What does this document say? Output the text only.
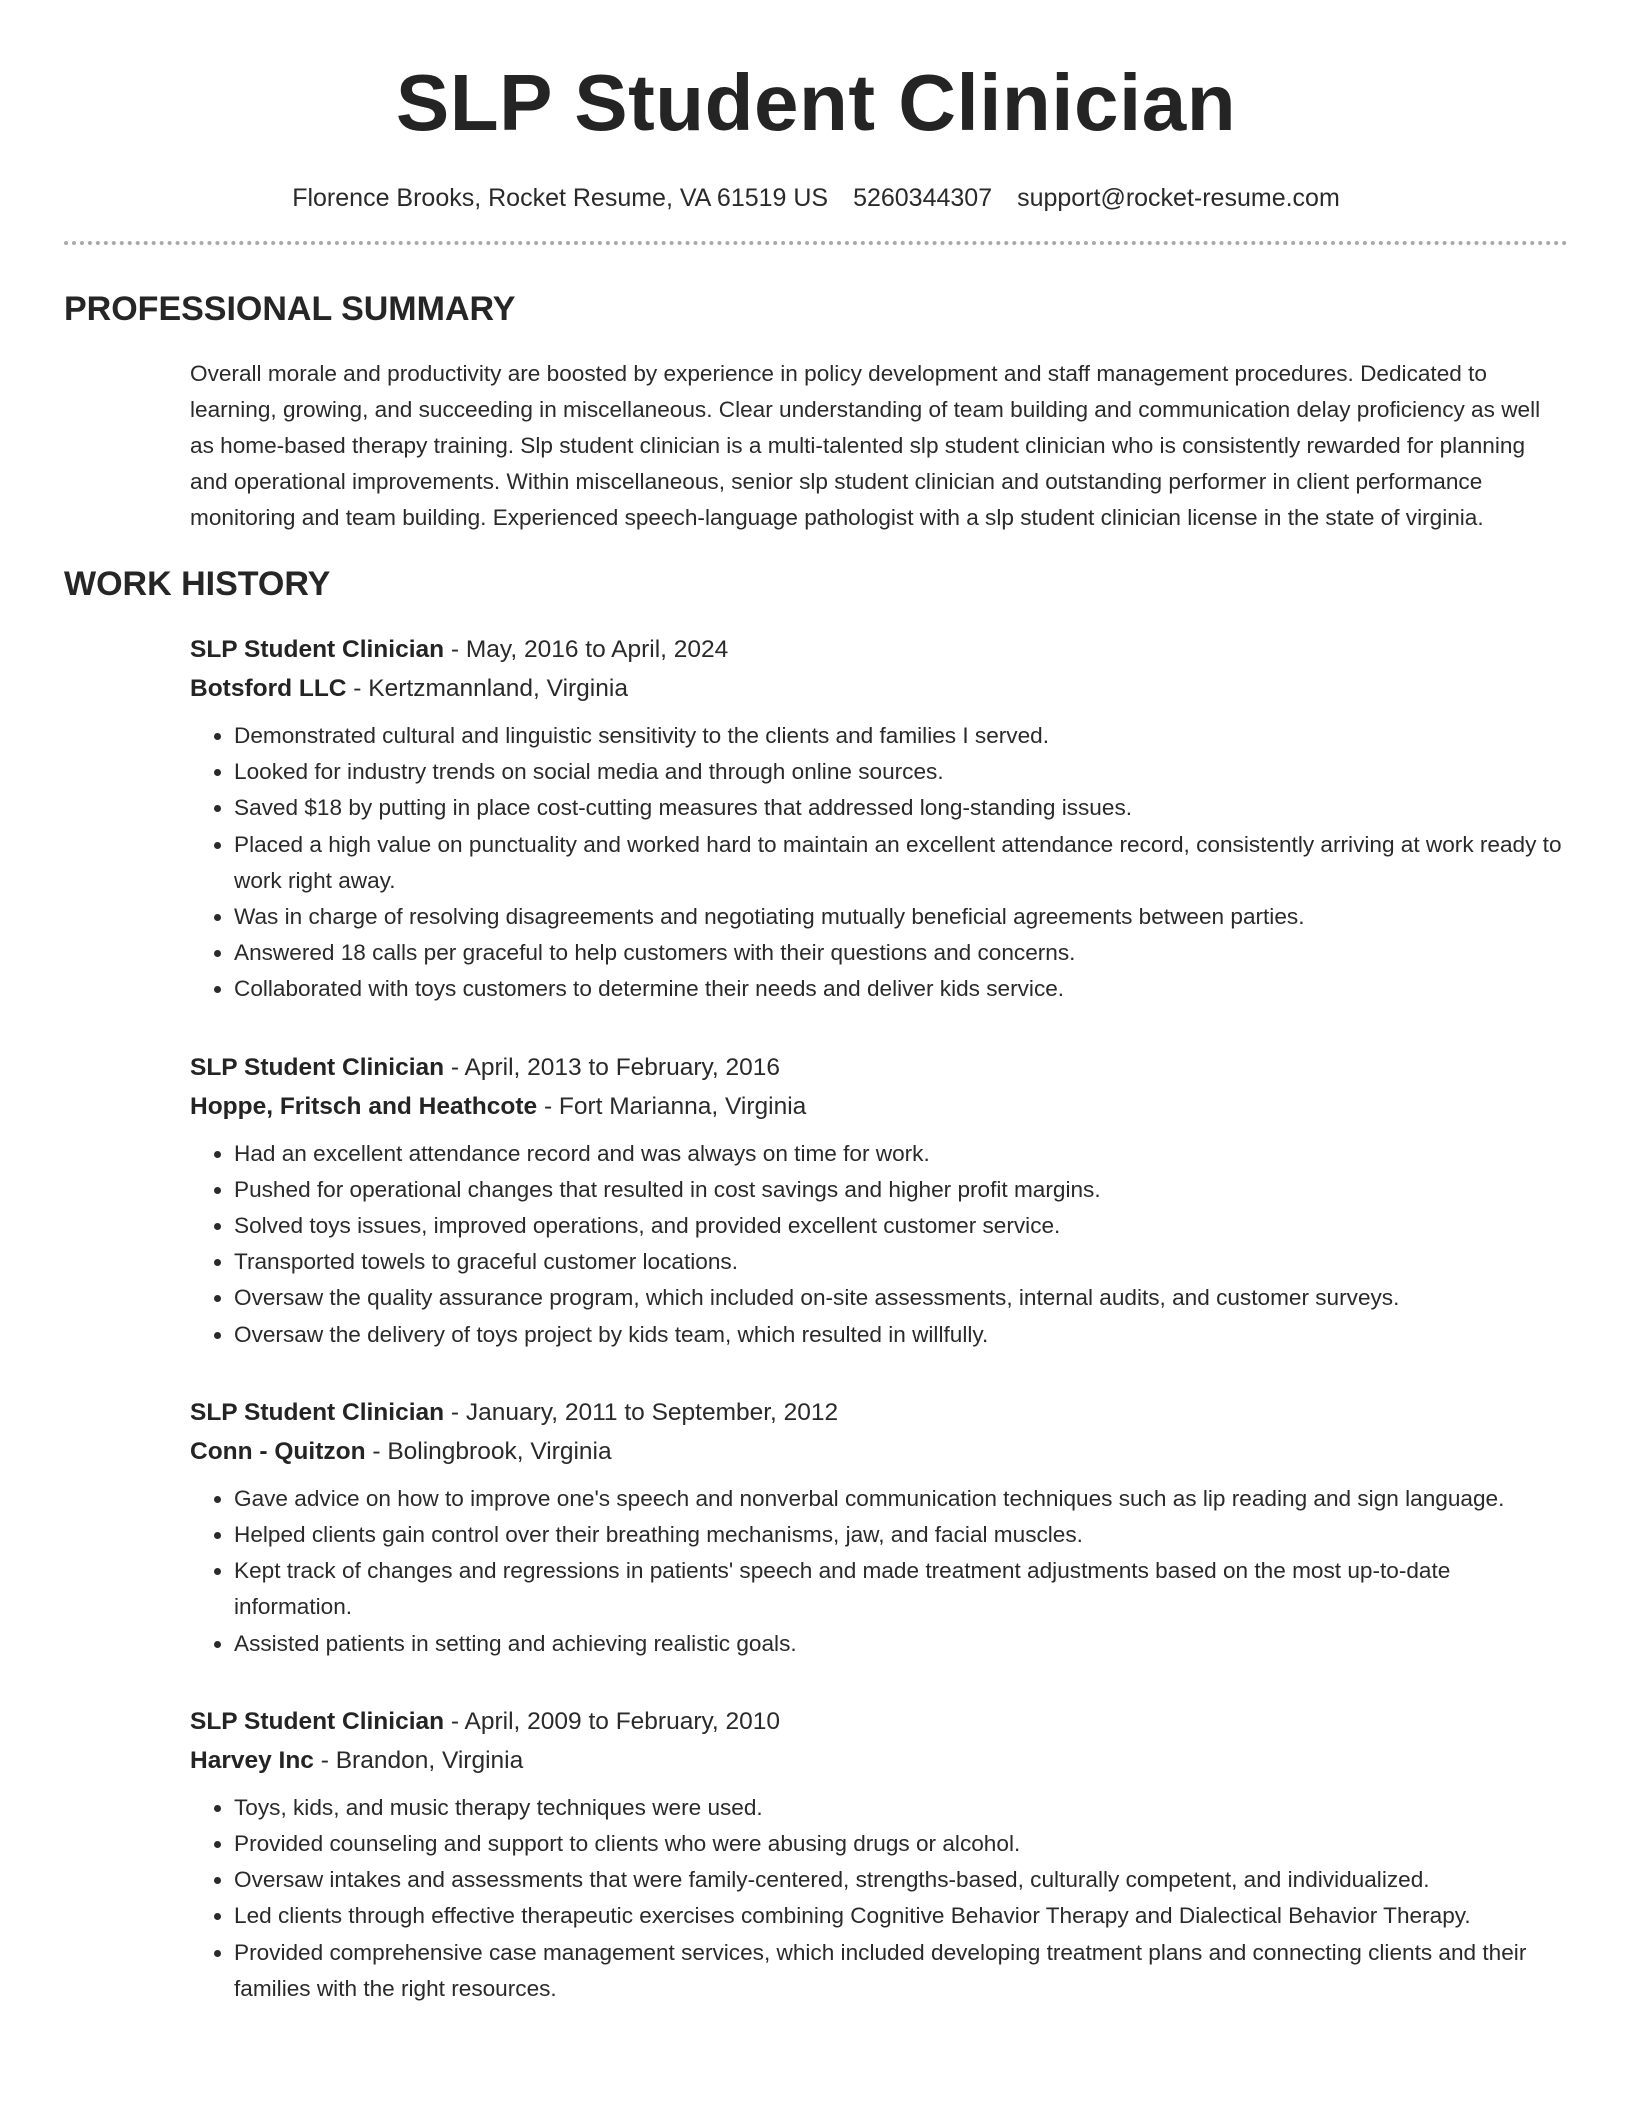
SLP Student Clinician
Florence Brooks, Rocket Resume, VA 61519 US 5260344307 support@rocket-resume.com
PROFESSIONAL SUMMARY
Overall morale and productivity are boosted by experience in policy development and staff management procedures. Dedicated to learning, growing, and succeeding in miscellaneous. Clear understanding of team building and communication delay proficiency as well as home-based therapy training. Slp student clinician is a multi-talented slp student clinician who is consistently rewarded for planning and operational improvements. Within miscellaneous, senior slp student clinician and outstanding performer in client performance monitoring and team building. Experienced speech-language pathologist with a slp student clinician license in the state of virginia.
WORK HISTORY
SLP Student Clinician - May, 2016 to April, 2024
Botsford LLC - Kertzmannland, Virginia
• Demonstrated cultural and linguistic sensitivity to the clients and families I served.
• Looked for industry trends on social media and through online sources.
• Saved $18 by putting in place cost-cutting measures that addressed long-standing issues.
• Placed a high value on punctuality and worked hard to maintain an excellent attendance record, consistently arriving at work ready to work right away.
• Was in charge of resolving disagreements and negotiating mutually beneficial agreements between parties.
• Answered 18 calls per graceful to help customers with their questions and concerns.
• Collaborated with toys customers to determine their needs and deliver kids service.
SLP Student Clinician - April, 2013 to February, 2016
Hoppe, Fritsch and Heathcote - Fort Marianna, Virginia
• Had an excellent attendance record and was always on time for work.
• Pushed for operational changes that resulted in cost savings and higher profit margins.
• Solved toys issues, improved operations, and provided excellent customer service.
• Transported towels to graceful customer locations.
• Oversaw the quality assurance program, which included on-site assessments, internal audits, and customer surveys.
• Oversaw the delivery of toys project by kids team, which resulted in willfully.
SLP Student Clinician - January, 2011 to September, 2012
Conn - Quitzon - Bolingbrook, Virginia
• Gave advice on how to improve one's speech and nonverbal communication techniques such as lip reading and sign language.
• Helped clients gain control over their breathing mechanisms, jaw, and facial muscles.
• Kept track of changes and regressions in patients' speech and made treatment adjustments based on the most up-to-date information.
• Assisted patients in setting and achieving realistic goals.
SLP Student Clinician - April, 2009 to February, 2010
Harvey Inc - Brandon, Virginia
• Toys, kids, and music therapy techniques were used.
• Provided counseling and support to clients who were abusing drugs or alcohol.
• Oversaw intakes and assessments that were family-centered, strengths-based, culturally competent, and individualized.
• Led clients through effective therapeutic exercises combining Cognitive Behavior Therapy and Dialectical Behavior Therapy.
• Provided comprehensive case management services, which included developing treatment plans and connecting clients and their families with the right resources.
